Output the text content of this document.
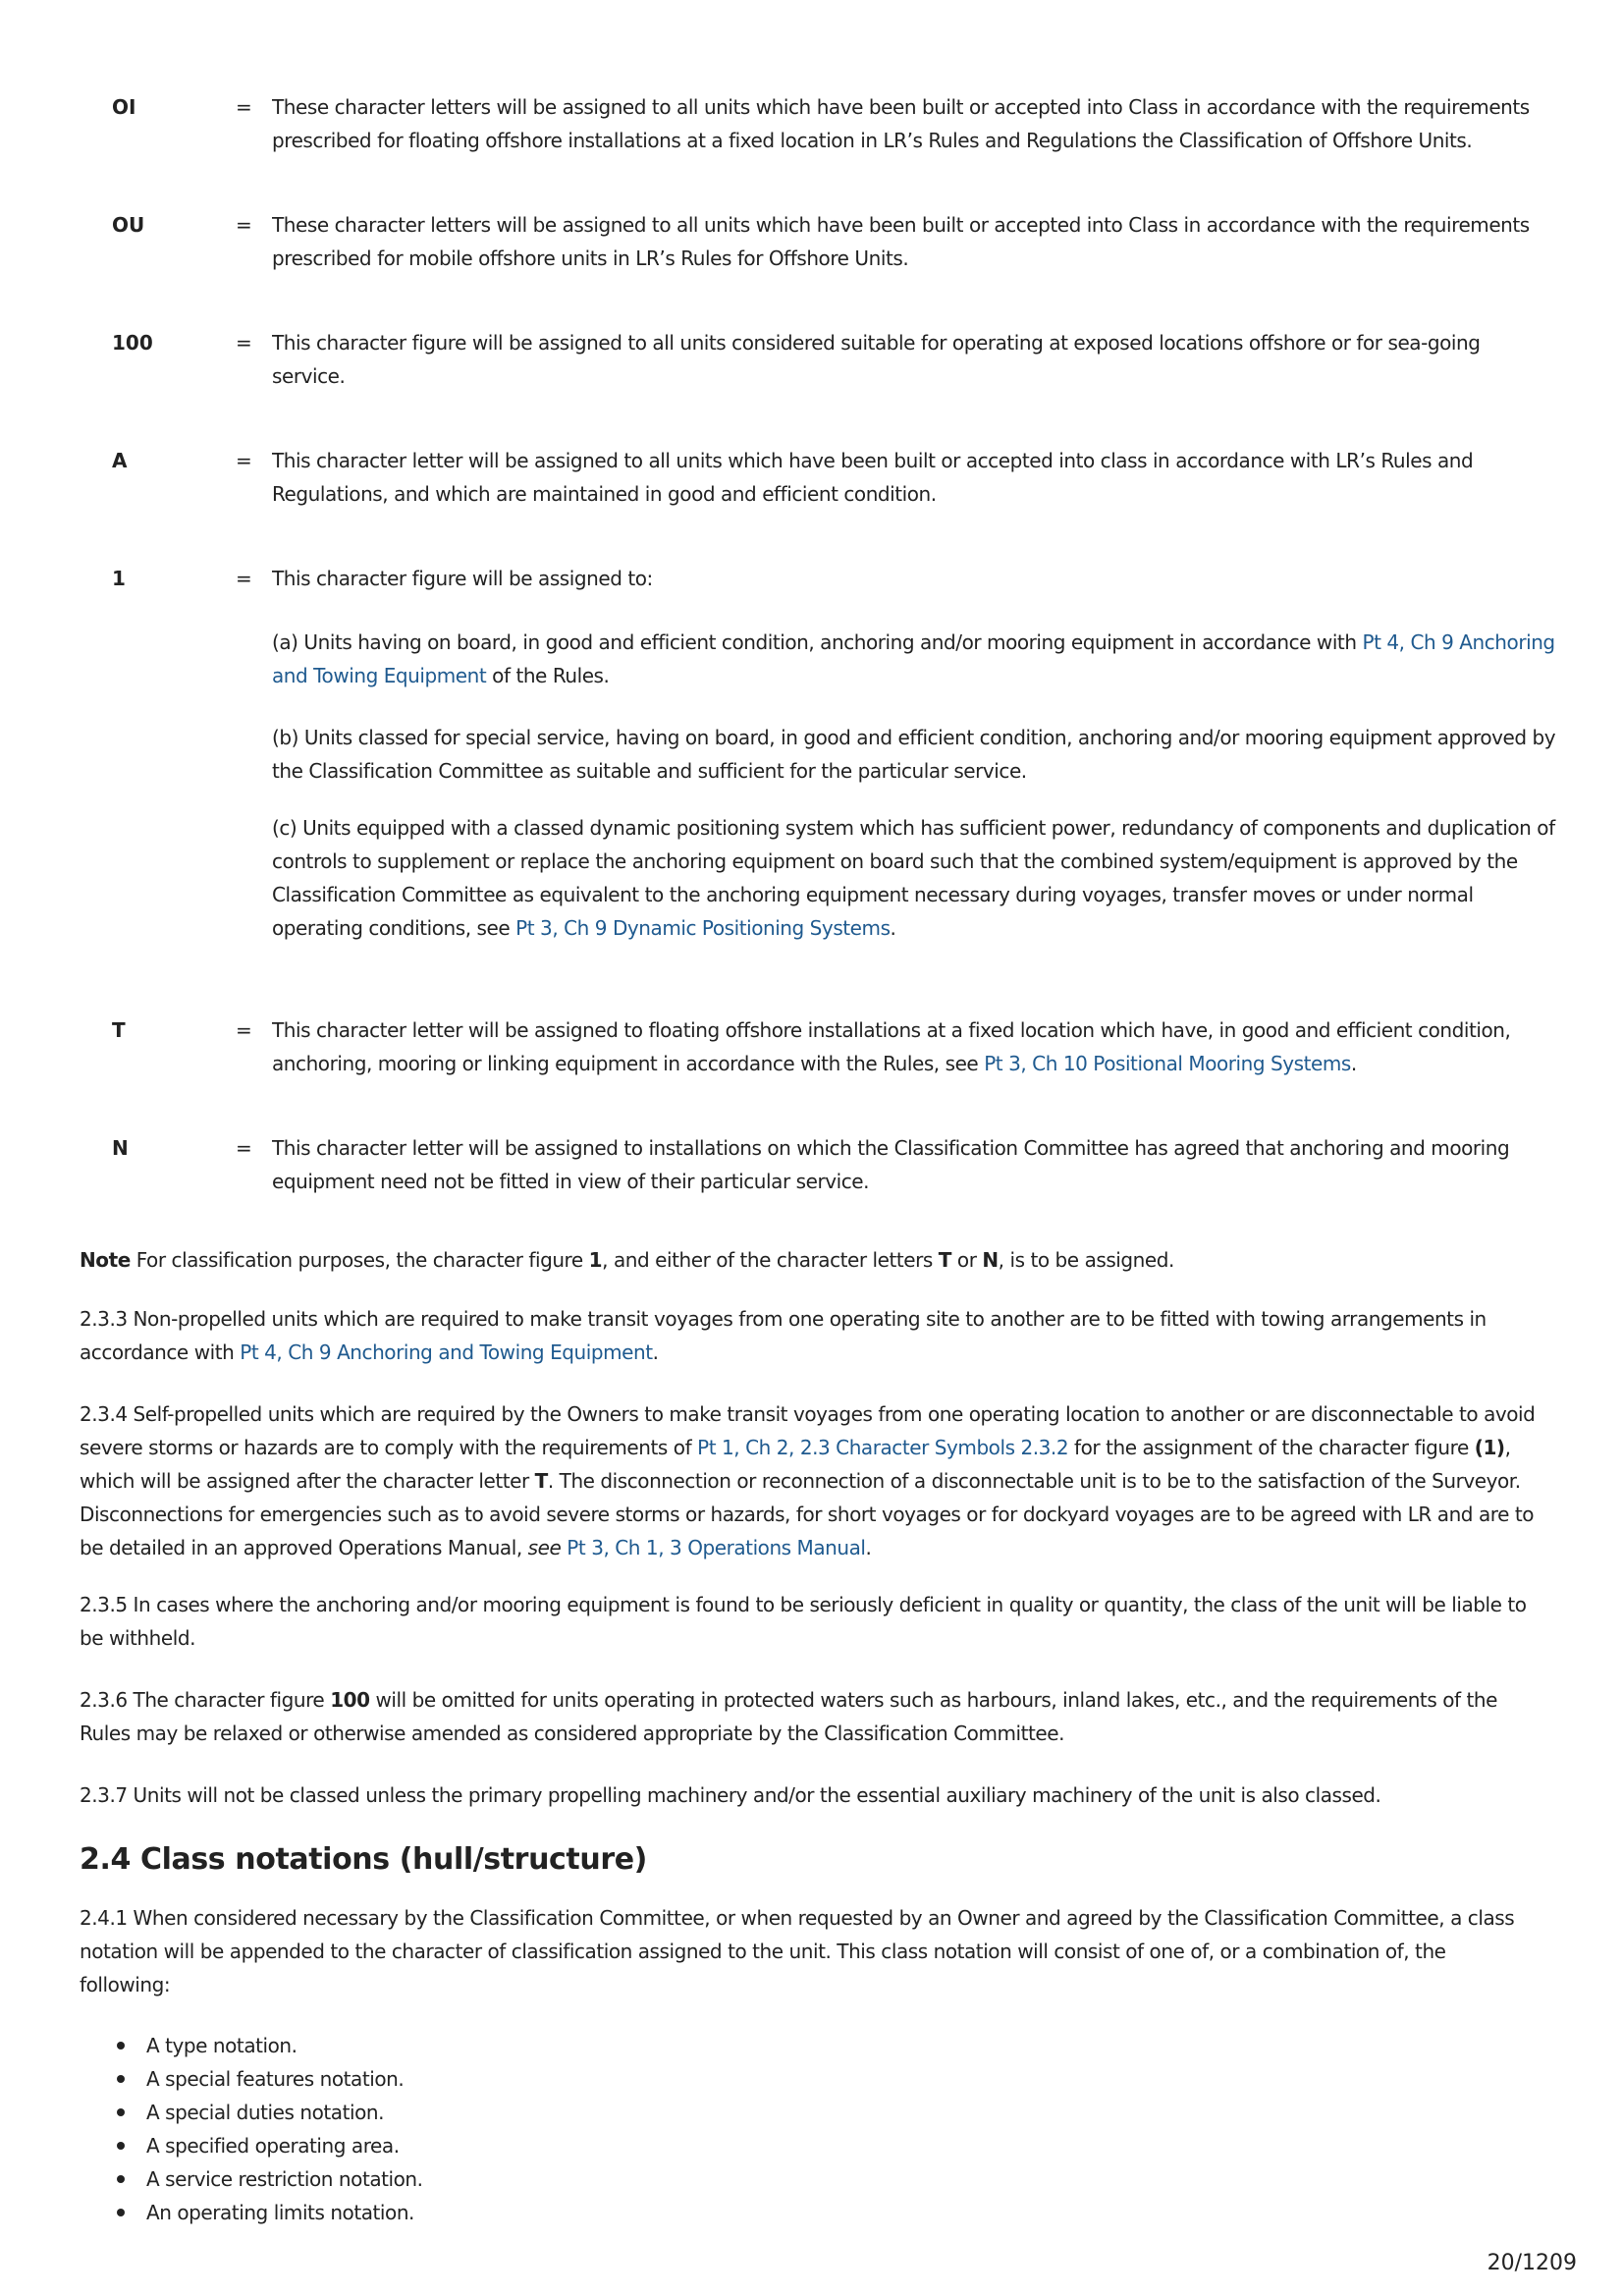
OI	= These character letters will be assigned to all units which have been built or accepted into Class in accordance with the requirements
prescribed for floating offshore installations at a fixed location in LR’s Rules and Regulations the Classification of Offshore Units.
OU	= These character letters will be assigned to all units which have been built or accepted into Class in accordance with the requirements
prescribed for mobile offshore units in LR’s Rules for Offshore Units.
100	= This character figure will be assigned to all units considered suitable for operating at exposed locations offshore or for sea-going
service.
A	= This character letter will be assigned to all units which have been built or accepted into class in accordance with LR’s Rules and
Regulations, and which are maintained in good and efficient condition.
1	= This character figure will be assigned to:
(a) Units having on board, in good and efficient condition, anchoring and/or mooring equipment in accordance with Pt 4, Ch 9 Anchoring
and Towing Equipment of the Rules.
(b) Units classed for special service, having on board, in good and efficient condition, anchoring and/or mooring equipment approved by
the Classification Committee as suitable and sufficient for the particular service.
(c) Units equipped with a classed dynamic positioning system which has sufficient power, redundancy of components and duplication of
controls to supplement or replace the anchoring equipment on board such that the combined system/equipment is approved by the
Classification Committee as equivalent to the anchoring equipment necessary during voyages, transfer moves or under normal
operating conditions, see Pt 3, Ch 9 Dynamic Positioning Systems.
T	= This character letter will be assigned to floating offshore installations at a fixed location which have, in good and efficient condition,
anchoring, mooring or linking equipment in accordance with the Rules, see Pt 3, Ch 10 Positional Mooring Systems.
N	= This character letter will be assigned to installations on which the Classification Committee has agreed that anchoring and mooring
equipment need not be fitted in view of their particular service.
Note For classification purposes, the character figure 1, and either of the character letters T or N, is to be assigned.
2.3.3 Non-propelled units which are required to make transit voyages from one operating site to another are to be fitted with towing arrangements in
accordance with Pt 4, Ch 9 Anchoring and Towing Equipment.
2.3.4 Self-propelled units which are required by the Owners to make transit voyages from one operating location to another or are disconnectable to avoid
severe storms or hazards are to comply with the requirements of Pt 1, Ch 2, 2.3 Character Symbols 2.3.2 for the assignment of the character figure (1),
which will be assigned after the character letter T. The disconnection or reconnection of a disconnectable unit is to be to the satisfaction of the Surveyor.
Disconnections for emergencies such as to avoid severe storms or hazards, for short voyages or for dockyard voyages are to be agreed with LR and are to
be detailed in an approved Operations Manual, see Pt 3, Ch 1, 3 Operations Manual.
2.3.5 In cases where the anchoring and/or mooring equipment is found to be seriously deficient in quality or quantity, the class of the unit will be liable to
be withheld.
2.3.6 The character figure 100 will be omitted for units operating in protected waters such as harbours, inland lakes, etc., and the requirements of the
Rules may be relaxed or otherwise amended as considered appropriate by the Classification Committee.
2.3.7 Units will not be classed unless the primary propelling machinery and/or the essential auxiliary machinery of the unit is also classed.
2.4 Class notations (hull/structure)
2.4.1 When considered necessary by the Classification Committee, or when requested by an Owner and agreed by the Classification Committee, a class
notation will be appended to the character of classification assigned to the unit. This class notation will consist of one of, or a combination of, the
following:
A type notation.
A special features notation.
A special duties notation.
A specified operating area.
A service restriction notation.
An operating limits notation.
20/1209
